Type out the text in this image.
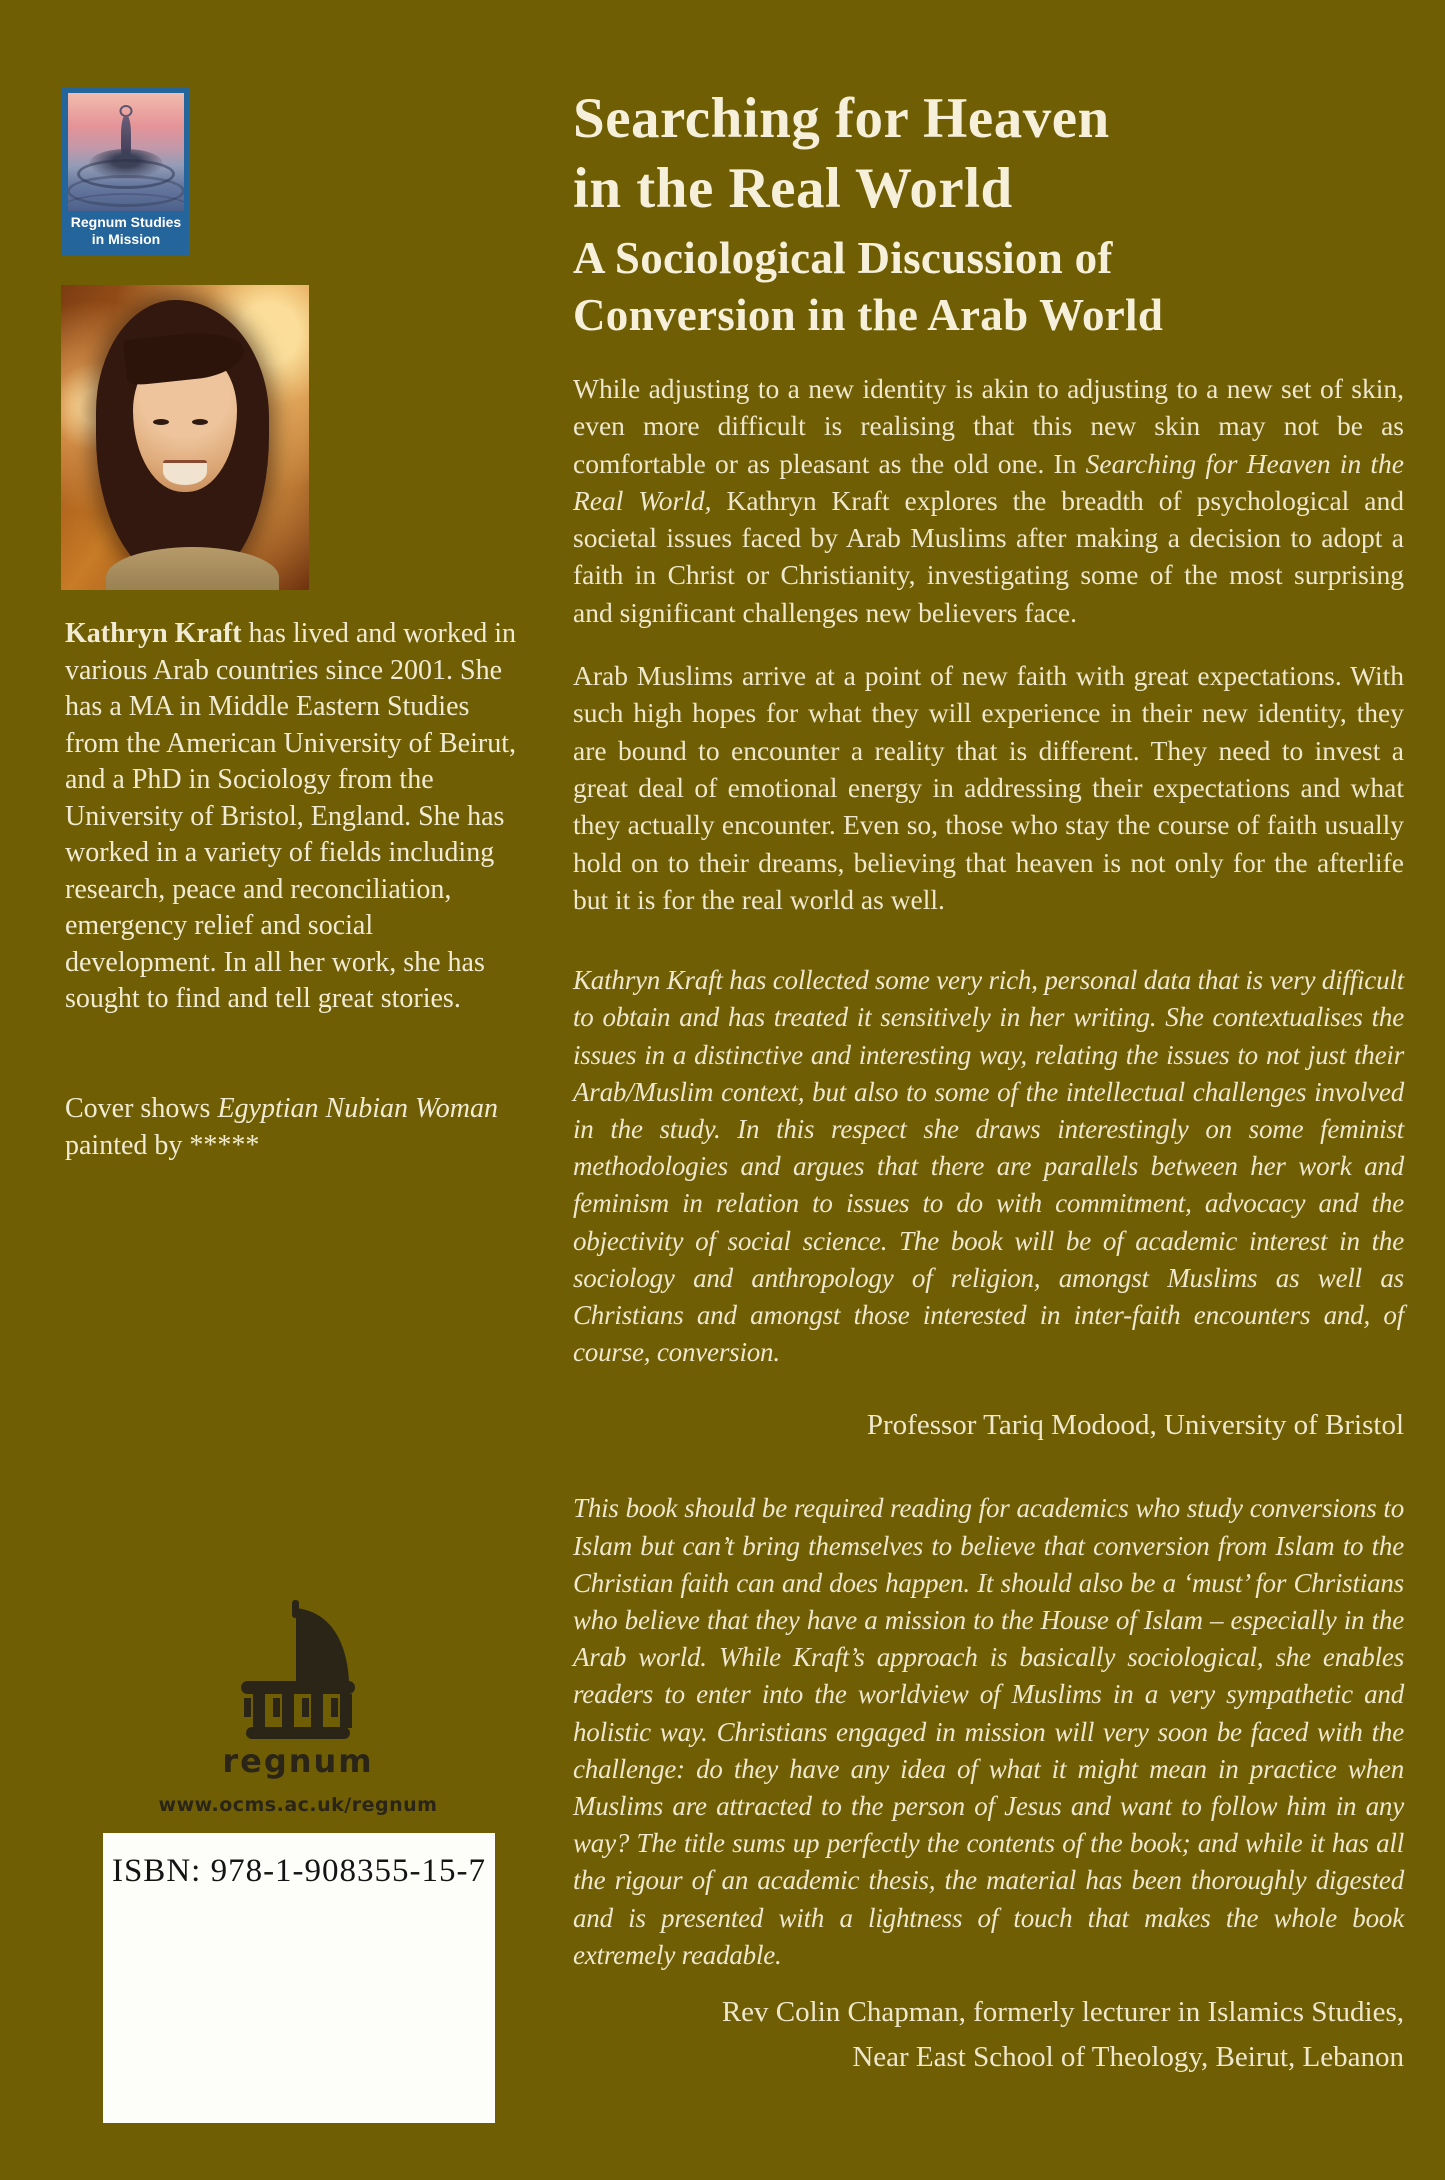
Regnum Studies
in Mission
Kathryn Kraft has lived and worked in various Arab countries since 2001. She has a MA in Middle Eastern Studies from the American University of Beirut, and a PhD in Sociology from the University of Bristol, England. She has worked in a variety of fields including research, peace and reconciliation, emergency relief and social development. In all her work, she has sought to find and tell great stories.
Cover shows Egyptian Nubian Woman
painted by *****
regnum
www.ocms.ac.uk/regnum
ISBN: 978-1-908355-15-7
Searching for Heaven
in the Real World
A Sociological Discussion of
Conversion in the Arab World
While adjusting to a new identity is akin to adjusting to a new set of skin, even more difficult is realising that this new skin may not be as comfortable or as pleasant as the old one. In Searching for Heaven in the Real World, Kathryn Kraft explores the breadth of psychological and societal issues faced by Arab Muslims after making a decision to adopt a faith in Christ or Christianity, investigating some of the most surprising and significant challenges new believers face.
Arab Muslims arrive at a point of new faith with great expectations. With such high hopes for what they will experience in their new identity, they are bound to encounter a reality that is different. They need to invest a great deal of emotional energy in addressing their expectations and what they actually encounter. Even so, those who stay the course of faith usually hold on to their dreams, believing that heaven is not only for the afterlife but it is for the real world as well.
Kathryn Kraft has collected some very rich, personal data that is very difficult to obtain and has treated it sensitively in her writing. She contextualises the issues in a distinctive and interesting way, relating the issues to not just their Arab/Muslim context, but also to some of the intellectual challenges involved in the study. In this respect she draws interestingly on some feminist methodologies and argues that there are parallels between her work and feminism in relation to issues to do with commitment, advocacy and the objectivity of social science. The book will be of academic interest in the sociology and anthropology of religion, amongst Muslims as well as Christians and amongst those interested in inter-faith encounters and, of course, conversion.
Professor Tariq Modood, University of Bristol
This book should be required reading for academics who study conversions to Islam but can’t bring themselves to believe that conversion from Islam to the Christian faith can and does happen. It should also be a ‘must’ for Christians who believe that they have a mission to the House of Islam – especially in the Arab world. While Kraft’s approach is basically sociological, she enables readers to enter into the worldview of Muslims in a very sympathetic and holistic way. Christians engaged in mission will very soon be faced with the challenge: do they have any idea of what it might mean in practice when Muslims are attracted to the person of Jesus and want to follow him in any way? The title sums up perfectly the contents of the book; and while it has all the rigour of an academic thesis, the material has been thoroughly digested and is presented with a lightness of touch that makes the whole book extremely readable.
Rev Colin Chapman, formerly lecturer in Islamics Studies,
Near East School of Theology, Beirut, Lebanon
